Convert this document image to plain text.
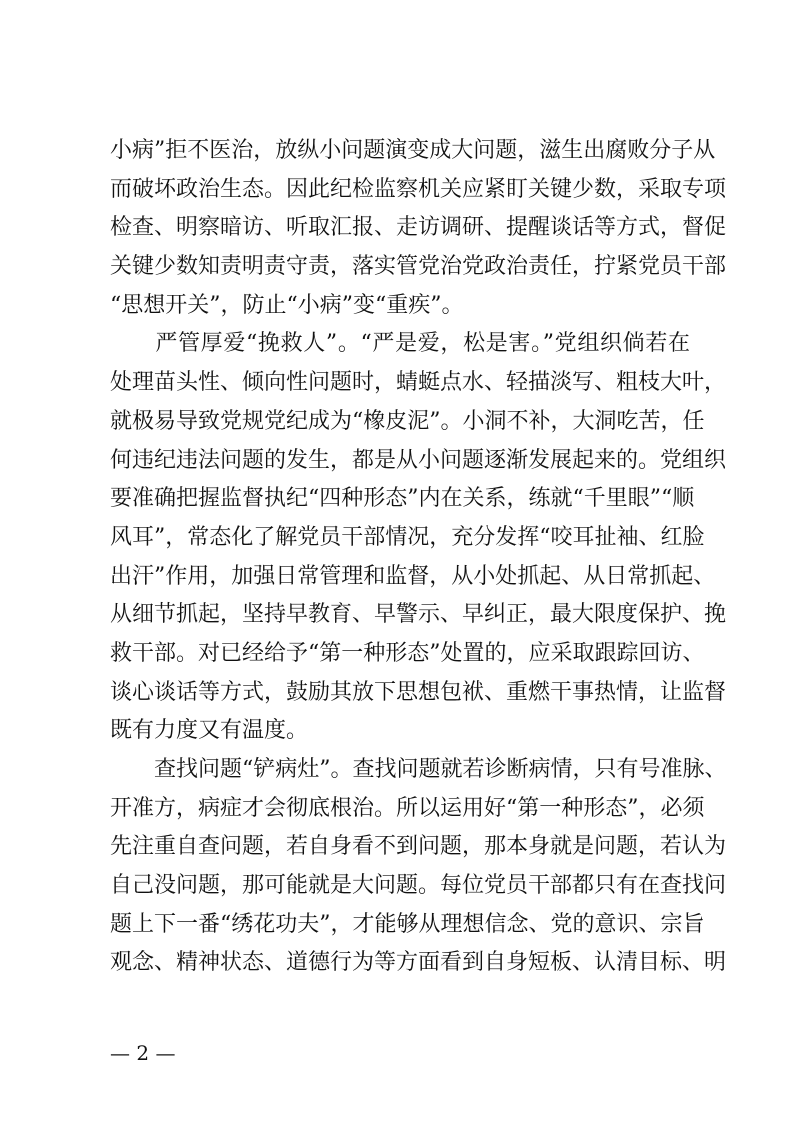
小病”拒不医治，放纵小问题演变成大问题，滋生出腐败分子从
而破坏政治生态。因此纪检监察机关应紧盯关键少数，采取专项
检查、明察暗访、听取汇报、走访调研、提醒谈话等方式，督促
关键少数知责明责守责，落实管党治党政治责任，拧紧党员干部
“思想开关”，防止“小病”变“重疾”。
　　严管厚爱“挽救人”。“严是爱，松是害。”党组织倘若在
处理苗头性、倾向性问题时，蜻蜓点水、轻描淡写、粗枝大叶，
就极易导致党规党纪成为“橡皮泥”。小洞不补，大洞吃苦，任
何违纪违法问题的发生，都是从小问题逐渐发展起来的。党组织
要准确把握监督执纪“四种形态”内在关系，练就“千里眼”“顺
风耳”，常态化了解党员干部情况，充分发挥“咬耳扯袖、红脸
出汗”作用，加强日常管理和监督，从小处抓起、从日常抓起、
从细节抓起，坚持早教育、早警示、早纠正，最大限度保护、挽
救干部。对已经给予“第一种形态”处置的，应采取跟踪回访、
谈心谈话等方式，鼓励其放下思想包袱、重燃干事热情，让监督
既有力度又有温度。
　　查找问题“铲病灶”。查找问题就若诊断病情，只有号准脉、
开准方，病症才会彻底根治。所以运用好“第一种形态”，必须
先注重自查问题，若自身看不到问题，那本身就是问题，若认为
自己没问题，那可能就是大问题。每位党员干部都只有在查找问
题上下一番“绣花功夫”，才能够从理想信念、党的意识、宗旨
观念、精神状态、道德行为等方面看到自身短板、认清目标、明
— 2 —
